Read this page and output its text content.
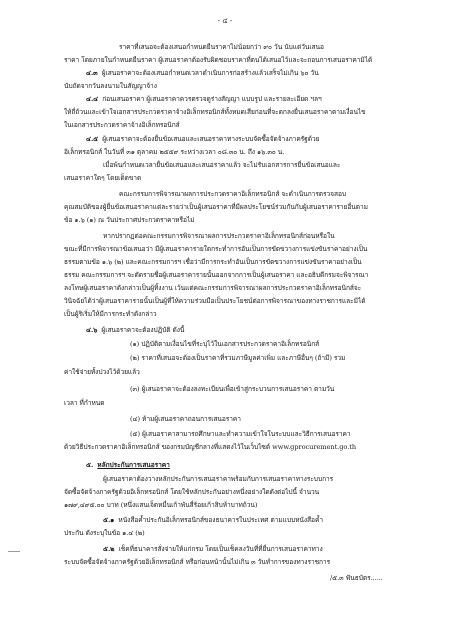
- ๔ -
ราคาที่เสนอจะต้องเสนอกำหนดยืนราคาไม่น้อยกว่า ๙๐ วัน นับแต่วันเสนอ
ราคา โดยภายในกำหนดยืนราคา ผู้เสนอราคาต้องรับผิดชอบราคาที่ตนได้เสนอไว้และจะถอนการเสนอราคามิได้
๔.๓ ผู้เสนอราคาจะต้องเสนอกำหนดเวลาดำเนินการก่อสร้างแล้วเสร็จไม่เกิน ๖๐ วัน
นับถัดจากวันลงนามในสัญญาจ้าง
๔.๔ ก่อนเสนอราคา ผู้เสนอราคาควรตรวจดูร่างสัญญา แบบรูป และรายละเอียด ฯลฯ
ให้ถี่ถ้วนและเข้าใจเอกสารประกวดราคาจ้างอิเล็กทรอนิกส์ทั้งหมดเสียก่อนที่จะตกลงยื่นเสนอราคาตามเงื่อนไข
ในเอกสารประกวดราคาจ้างอิเล็กทรอนิกส์
๔.๕ ผู้เสนอราคาจะต้องยื่นข้อเสนอและเสนอราคาทางระบบจัดซื้อจัดจ้างภาครัฐด้วย
อิเล็กทรอนิกส์ ในวันที่ ๓๑ ตุลาคม ๒๕๕๙ ระหว่างเวลา ๐๘.๓๐ น. ถึง ๑๖.๓๐ น.
เมื่อพ้นกำหนดเวลายื่นข้อเสนอและเสนอราคาแล้ว จะไม่รับเอกสารการยื่นข้อเสนอและ
เสนอราคาใดๆ โดยเด็ดขาด
คณะกรรมการพิจารณาผลการประกวดราคาอิเล็กทรอนิกส์ จะดำเนินการตรวจสอบ
คุณสมบัติของผู้ยื่นข้อเสนอราคาแต่ละรายว่าเป็นผู้เสนอราคาที่มีผลประโยชน์ร่วมกันกับผู้เสนอราคารายอื่นตาม
ข้อ ๑.๖ (๑) ณ วันประกาศประกวดราคาหรือไม่
หากปรากฏต่อคณะกรรมการพิจารณาผลการประกวดราคาอิเล็กทรอนิกส์ก่อนหรือใน
ขณะที่มีการพิจารณาข้อเสนอว่า มีผู้เสนอราคารายใดกระทำการอันเป็นการขัดขวางการแข่งขันราคาอย่างเป็น
ธรรมตามข้อ ๑.๖ (๒) และคณะกรรมการฯ เชื่อว่ามีการกระทำอันเป็นการขัดขวางการแข่งขันราคาอย่างเป็น
ธรรม คณะกรรมการฯ จะตัดรายชื่อผู้เสนอราคารายนั้นออกจากการเป็นผู้เสนอราคา และอธิบดีกรมจะพิจารณา
ลงโทษผู้เสนอราคาดังกล่าวเป็นผู้ทิ้งงาน เว้นแต่คณะกรรมการพิจารณาผลการประกวดราคาอิเล็กทรอนิกส์จะ
วินิจฉัยได้ว่าผู้เสนอราคารายนั้นเป็นผู้ที่ให้ความร่วมมือเป็นประโยชน์ต่อการพิจารณาของทางราชการและมิได้
เป็นผู้ริเริ่มให้มีการกระทำดังกล่าว
๔.๖ ผู้เสนอราคาจะต้องปฏิบัติ ดังนี้
(๑) ปฏิบัติตามเงื่อนไขที่ระบุไว้ในเอกสารประกวดราคาอิเล็กทรอนิกส์
(๒) ราคาที่เสนอจะต้องเป็นราคาที่รวมภาษีมูลค่าเพิ่ม และภาษีอื่นๆ (ถ้ามี) รวม
ค่าใช้จ่ายทั้งปวงไว้ด้วยแล้ว
(๓) ผู้เสนอราคาจะต้องลงทะเบียนเพื่อเข้าสู่กระบวนการเสนอราคา ตามวัน
เวลา ที่กำหนด
(๔) ห้ามผู้เสนอราคาถอนการเสนอราคา
(๕) ผู้เสนอราคาสามารถศึกษาและทำความเข้าใจในระบบและวิธีการเสนอราคา
ด้วยวิธีประกวดราคาอิเล็กทรอนิกส์ ของกรมบัญชีกลางที่แสดงไว้ในเว็บไซต์ www.gprocurement.go.th
๕. หลักประกันการเสนอราคา
ผู้เสนอราคาต้องวางหลักประกันการเสนอราคาพร้อมกับการเสนอราคาทางระบบการ
จัดซื้อจัดจ้างภาครัฐด้วยอิเล็กทรอนิกส์ โดยใช้หลักประกันอย่างหนึ่งอย่างใดดังต่อไปนี้ จำนวน
๑๗๙,๔๙๕.๐๐ บาท (หนึ่งแสนเจ็ดหมื่นเก้าพันสี่ร้อยเก้าสิบห้าบาทถ้วน)
๕.๑ หนังสือค้ำประกันอิเล็กทรอนิกส์ของธนาคารในประเทศ ตามแบบหนังสือค้ำ
ประกัน ดังระบุในข้อ ๑.๔ (๒)
๕.๒ เช็คที่ธนาคารสั่งจ่ายให้แก่กรม โดยเป็นเช็คลงวันที่ที่ยื่นการเสนอราคาทาง
ระบบจัดซื้อจัดจ้างภาครัฐด้วยอิเล็กทรอนิกส์ หรือก่อนหน้านั้นไม่เกิน ๓ วันทำการของทางราชการ
/๕.๓ ฟันธบัตร......
